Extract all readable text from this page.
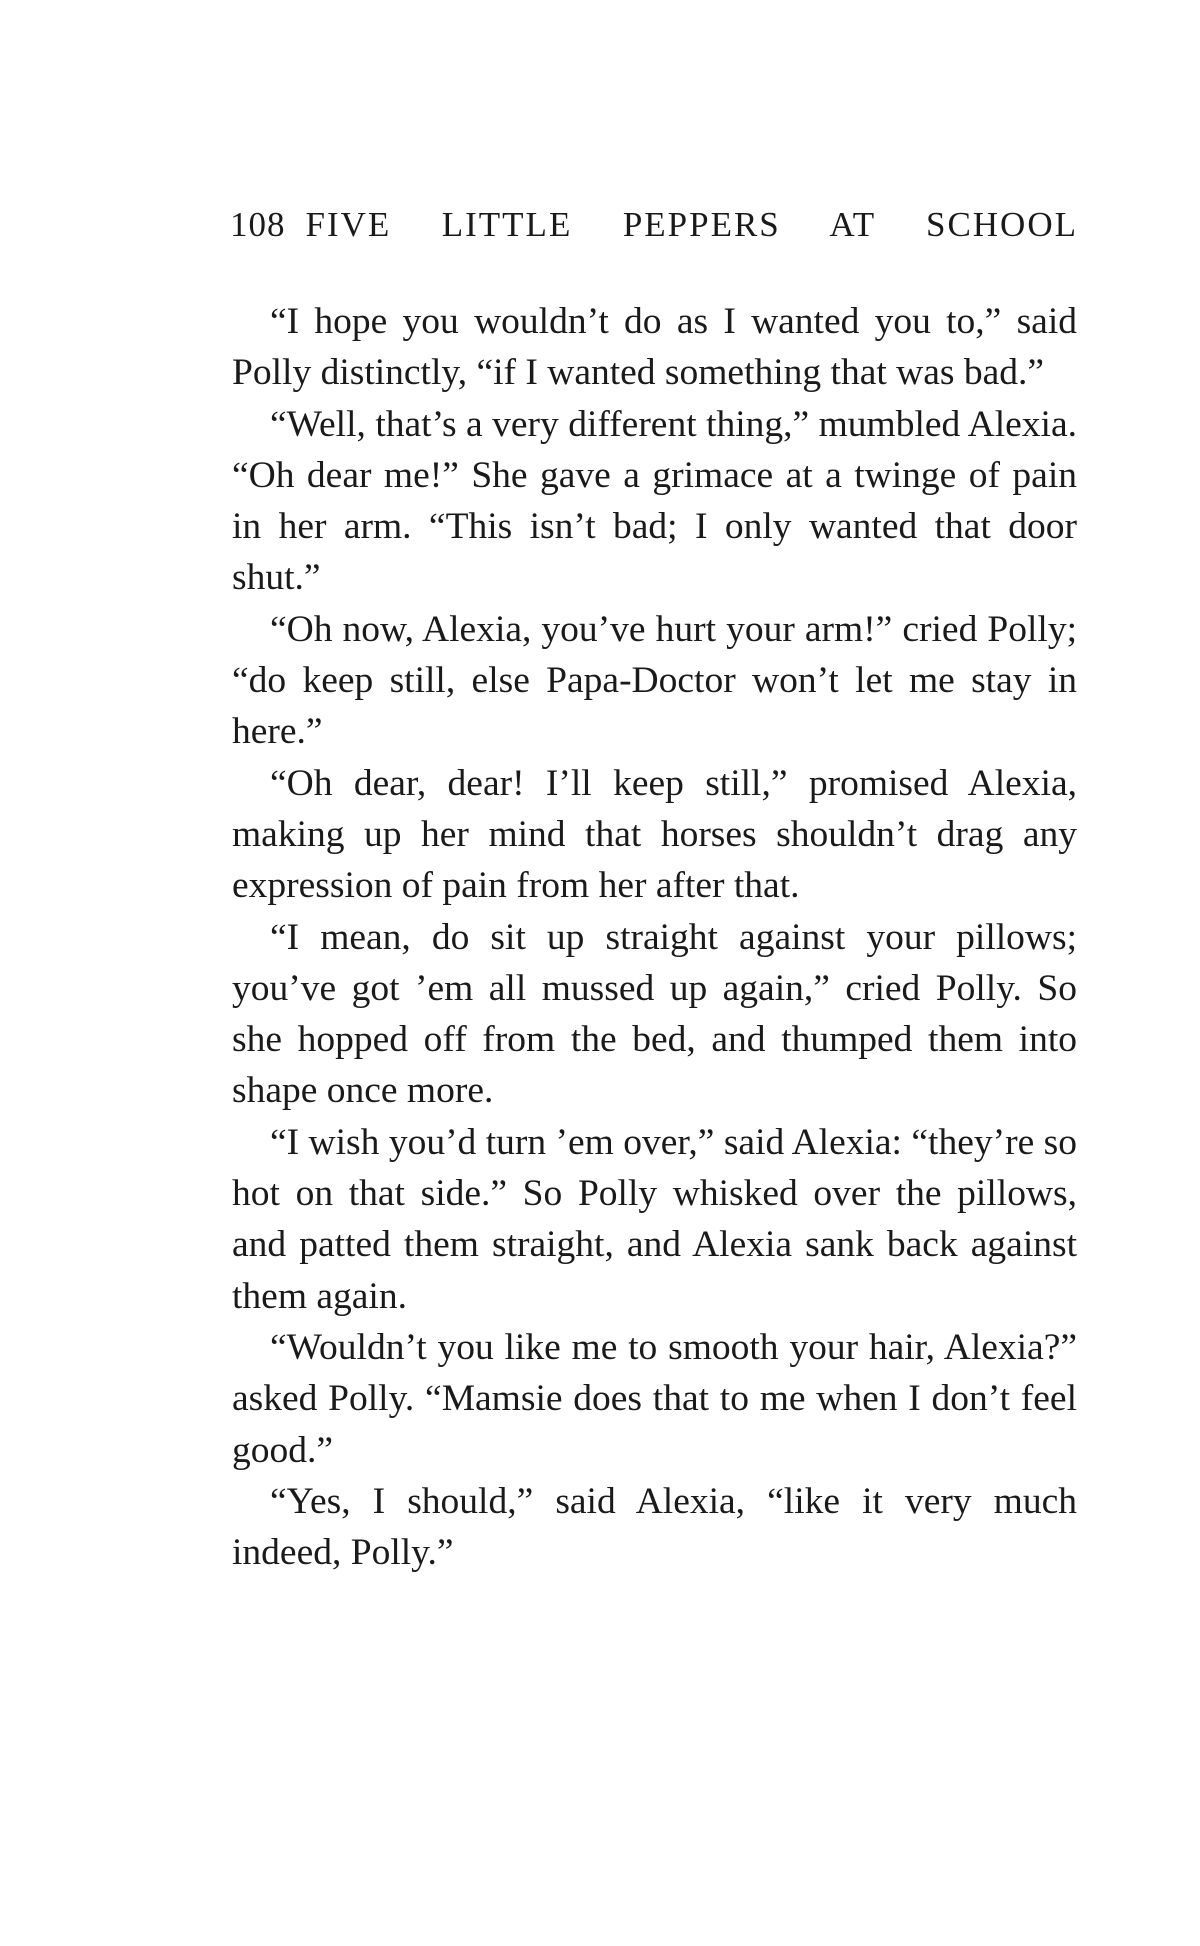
108 FIVE LITTLE PEPPERS AT SCHOOL

“I hope you wouldn’t do as I wanted you to,” said Polly distinctly, “if I wanted something that was bad.”

“Well, that’s a very different thing,” mumbled Alexia. “Oh dear me!” She gave a grimace at a twinge of pain in her arm. “This isn’t bad; I only wanted that door shut.”

“Oh now, Alexia, you’ve hurt your arm!” cried Polly; “do keep still, else Papa-Doctor won’t let me stay in here.”

“Oh dear, dear! I’ll keep still,” promised Alexia, making up her mind that horses shouldn’t drag any expression of pain from her after that.

“I mean, do sit up straight against your pillows; you’ve got ’em all mussed up again,” cried Polly. So she hopped off from the bed, and thumped them into shape once more.

“I wish you’d turn ’em over,” said Alexia: “they’re so hot on that side.” So Polly whisked over the pillows, and patted them straight, and Alexia sank back against them again.

“Wouldn’t you like me to smooth your hair, Alexia?” asked Polly. “Mamsie does that to me when I don’t feel good.”

“Yes, I should,” said Alexia, “like it very much indeed, Polly.”
